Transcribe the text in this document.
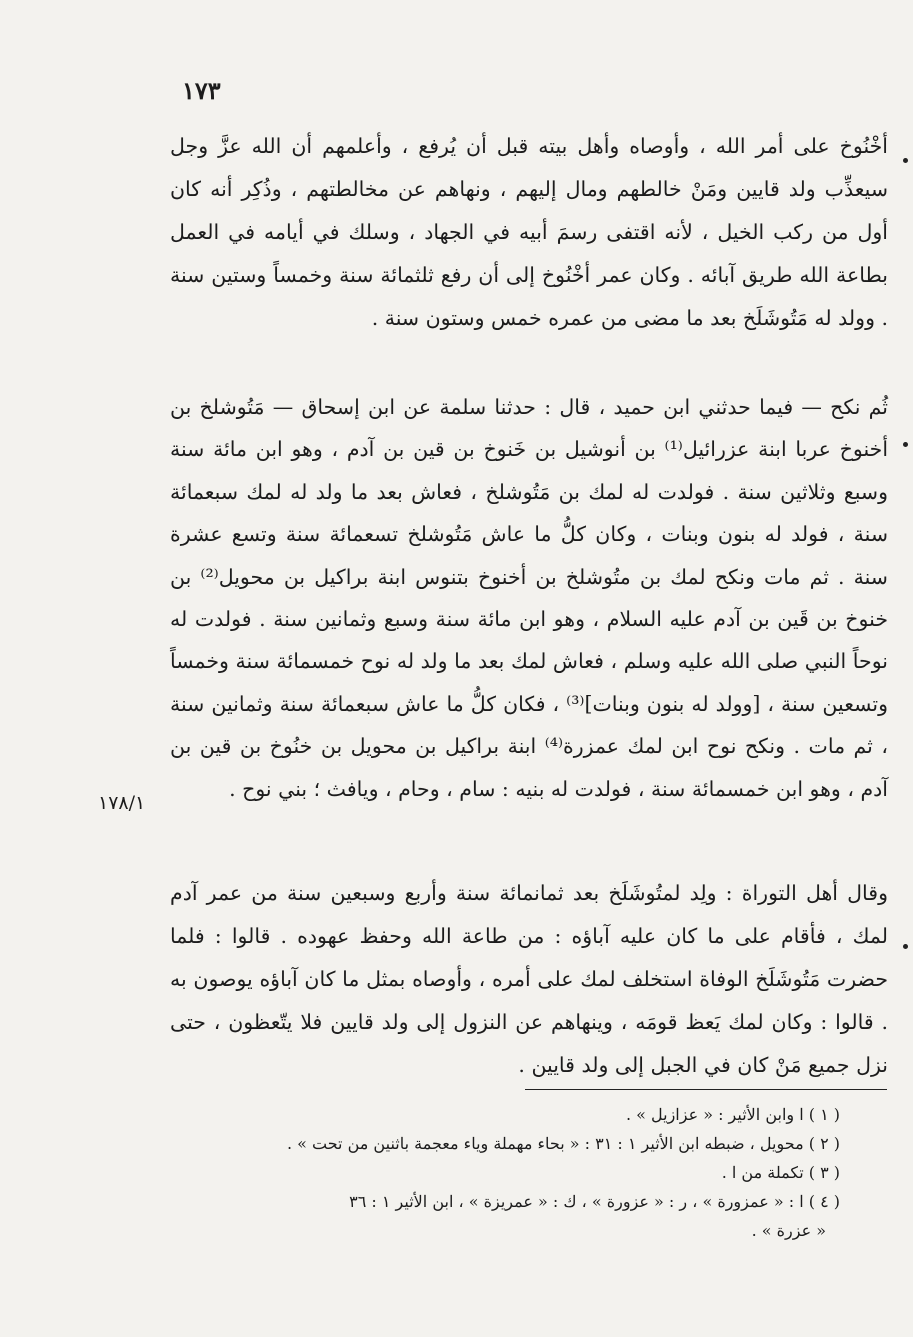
١٧٣

أخْنُوخ على أمر الله ، وأوصاه وأهل بيته قبل أن يُرفع ، وأعلمهم أن الله عزَّ وجل سيعذِّب ولد قايين ومَنْ خالطهم ومال إليهم ، ونهاهم عن مخالطتهم ، وذُكِر أنه كان أول من ركب الخيل ، لأنه اقتفى رسمَ أبيه في الجهاد ، وسلك في أيامه في العمل بطاعة الله طريق آبائه . وكان عمر أخْنُوخ إلى أن رفع ثلثمائة سنة وخمساً وستين سنة . وولد له مَتُوشَلَخ بعد ما مضى من عمره خمس وستون سنة .

ثُم نكح — فيما حدثني ابن حميد ، قال : حدثنا سلمة عن ابن إسحاق — مَتُوشلخ بن أخنوخ عربا ابنة عزرائيل⁽¹⁾ بن أنوشيل بن خَنوخ بن قين بن آدم ، وهو ابن مائة سنة وسبع وثلاثين سنة . فولدت له لمك بن مَتُوشلخ ، فعاش بعد ما ولد له لمك سبعمائة سنة ، فولد له بنون وبنات ، وكان كلُّ ما عاش مَتُوشلخ تسعمائة سنة وتسع عشرة سنة . ثم مات ونكح لمك بن متُوشلخ بن أخنوخ بتنوس ابنة براكيل بن محويل⁽²⁾ بن خنوخ بن قَين بن آدم عليه السلام ، وهو ابن مائة سنة وسبع وثمانين سنة . فولدت له نوحاً النبي صلى الله عليه وسلم ، فعاش لمك بعد ما ولد له نوح خمسمائة سنة وخمساً وتسعين سنة ، [وولد له بنون وبنات]⁽³⁾ ، فكان كلُّ ما عاش سبعمائة سنة وثمانين سنة ، ثم مات . ونكح نوح ابن لمك عمزرة⁽⁴⁾ ابنة براكيل بن محويل بن خنُوخ بن قين بن آدم ، وهو ابن خمسمائة سنة ، فولدت له بنيه : سام ، وحام ، ويافث ؛ بني نوح .

١٧٨/١

وقال أهل التوراة : ولِد لمتُوشَلَخ بعد ثمانمائة سنة وأربع وسبعين سنة من عمر آدم لمك ، فأقام على ما كان عليه آباؤه : من طاعة الله وحفظ عهوده . قالوا : فلما حضرت مَتُوشَلَخ الوفاة استخلف لمك على أمره ، وأوصاه بمثل ما كان آباؤه يوصون به . قالوا : وكان لمك يَعظ قومَه ، وينهاهم عن النزول إلى ولد قايين فلا يتّعظون ، حتى نزل جميع مَنْ كان في الجبل إلى ولد قايين .

( ١ ) ا وابن الأثير : « عزازيل » .

( ٢ ) محويل ، ضبطه ابن الأثير ١ : ٣١ : « بحاء مهملة وياء معجمة باثنين من تحت » .

( ٣ ) تكملة من ا .

( ٤ ) ا : « عمزورة » ، ر : « عزورة » ، ك : « عمريزة » ، ابن الأثير ١ : ٣٦

« عزرة » .
